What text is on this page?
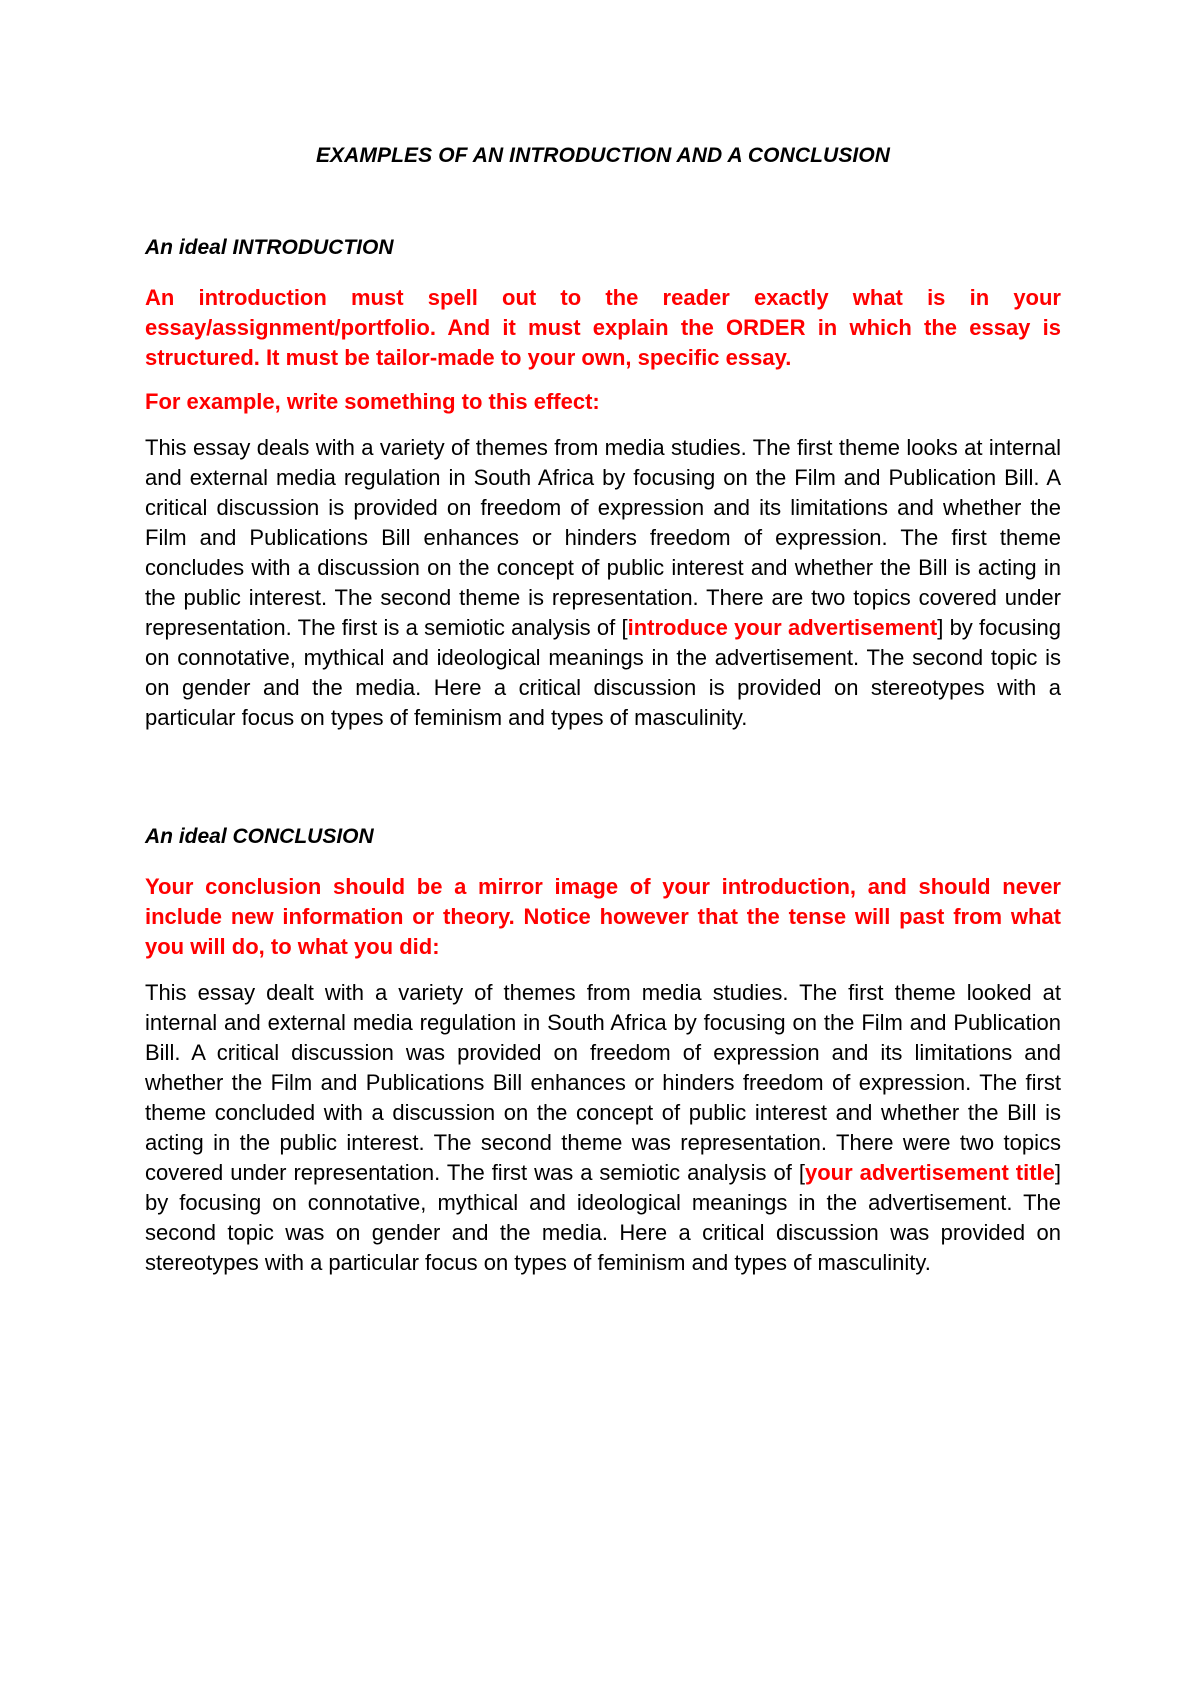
EXAMPLES OF AN INTRODUCTION AND A CONCLUSION
An ideal INTRODUCTION
An introduction must spell out to the reader exactly what is in your essay/assignment/portfolio. And it must explain the ORDER in which the essay is structured. It must be tailor-made to your own, specific essay.
For example, write something to this effect:
This essay deals with a variety of themes from media studies. The first theme looks at internal and external media regulation in South Africa by focusing on the Film and Publication Bill. A critical discussion is provided on freedom of expression and its limitations and whether the Film and Publications Bill enhances or hinders freedom of expression. The first theme concludes with a discussion on the concept of public interest and whether the Bill is acting in the public interest. The second theme is representation. There are two topics covered under representation. The first is a semiotic analysis of [introduce your advertisement] by focusing on connotative, mythical and ideological meanings in the advertisement. The second topic is on gender and the media. Here a critical discussion is provided on stereotypes with a particular focus on types of feminism and types of masculinity.
An ideal CONCLUSION
Your conclusion should be a mirror image of your introduction, and should never include new information or theory. Notice however that the tense will past from what you will do, to what you did:
This essay dealt with a variety of themes from media studies. The first theme looked at internal and external media regulation in South Africa by focusing on the Film and Publication Bill. A critical discussion was provided on freedom of expression and its limitations and whether the Film and Publications Bill enhances or hinders freedom of expression. The first theme concluded with a discussion on the concept of public interest and whether the Bill is acting in the public interest. The second theme was representation. There were two topics covered under representation. The first was a semiotic analysis of [your advertisement title] by focusing on connotative, mythical and ideological meanings in the advertisement. The second topic was on gender and the media. Here a critical discussion was provided on stereotypes with a particular focus on types of feminism and types of masculinity.
